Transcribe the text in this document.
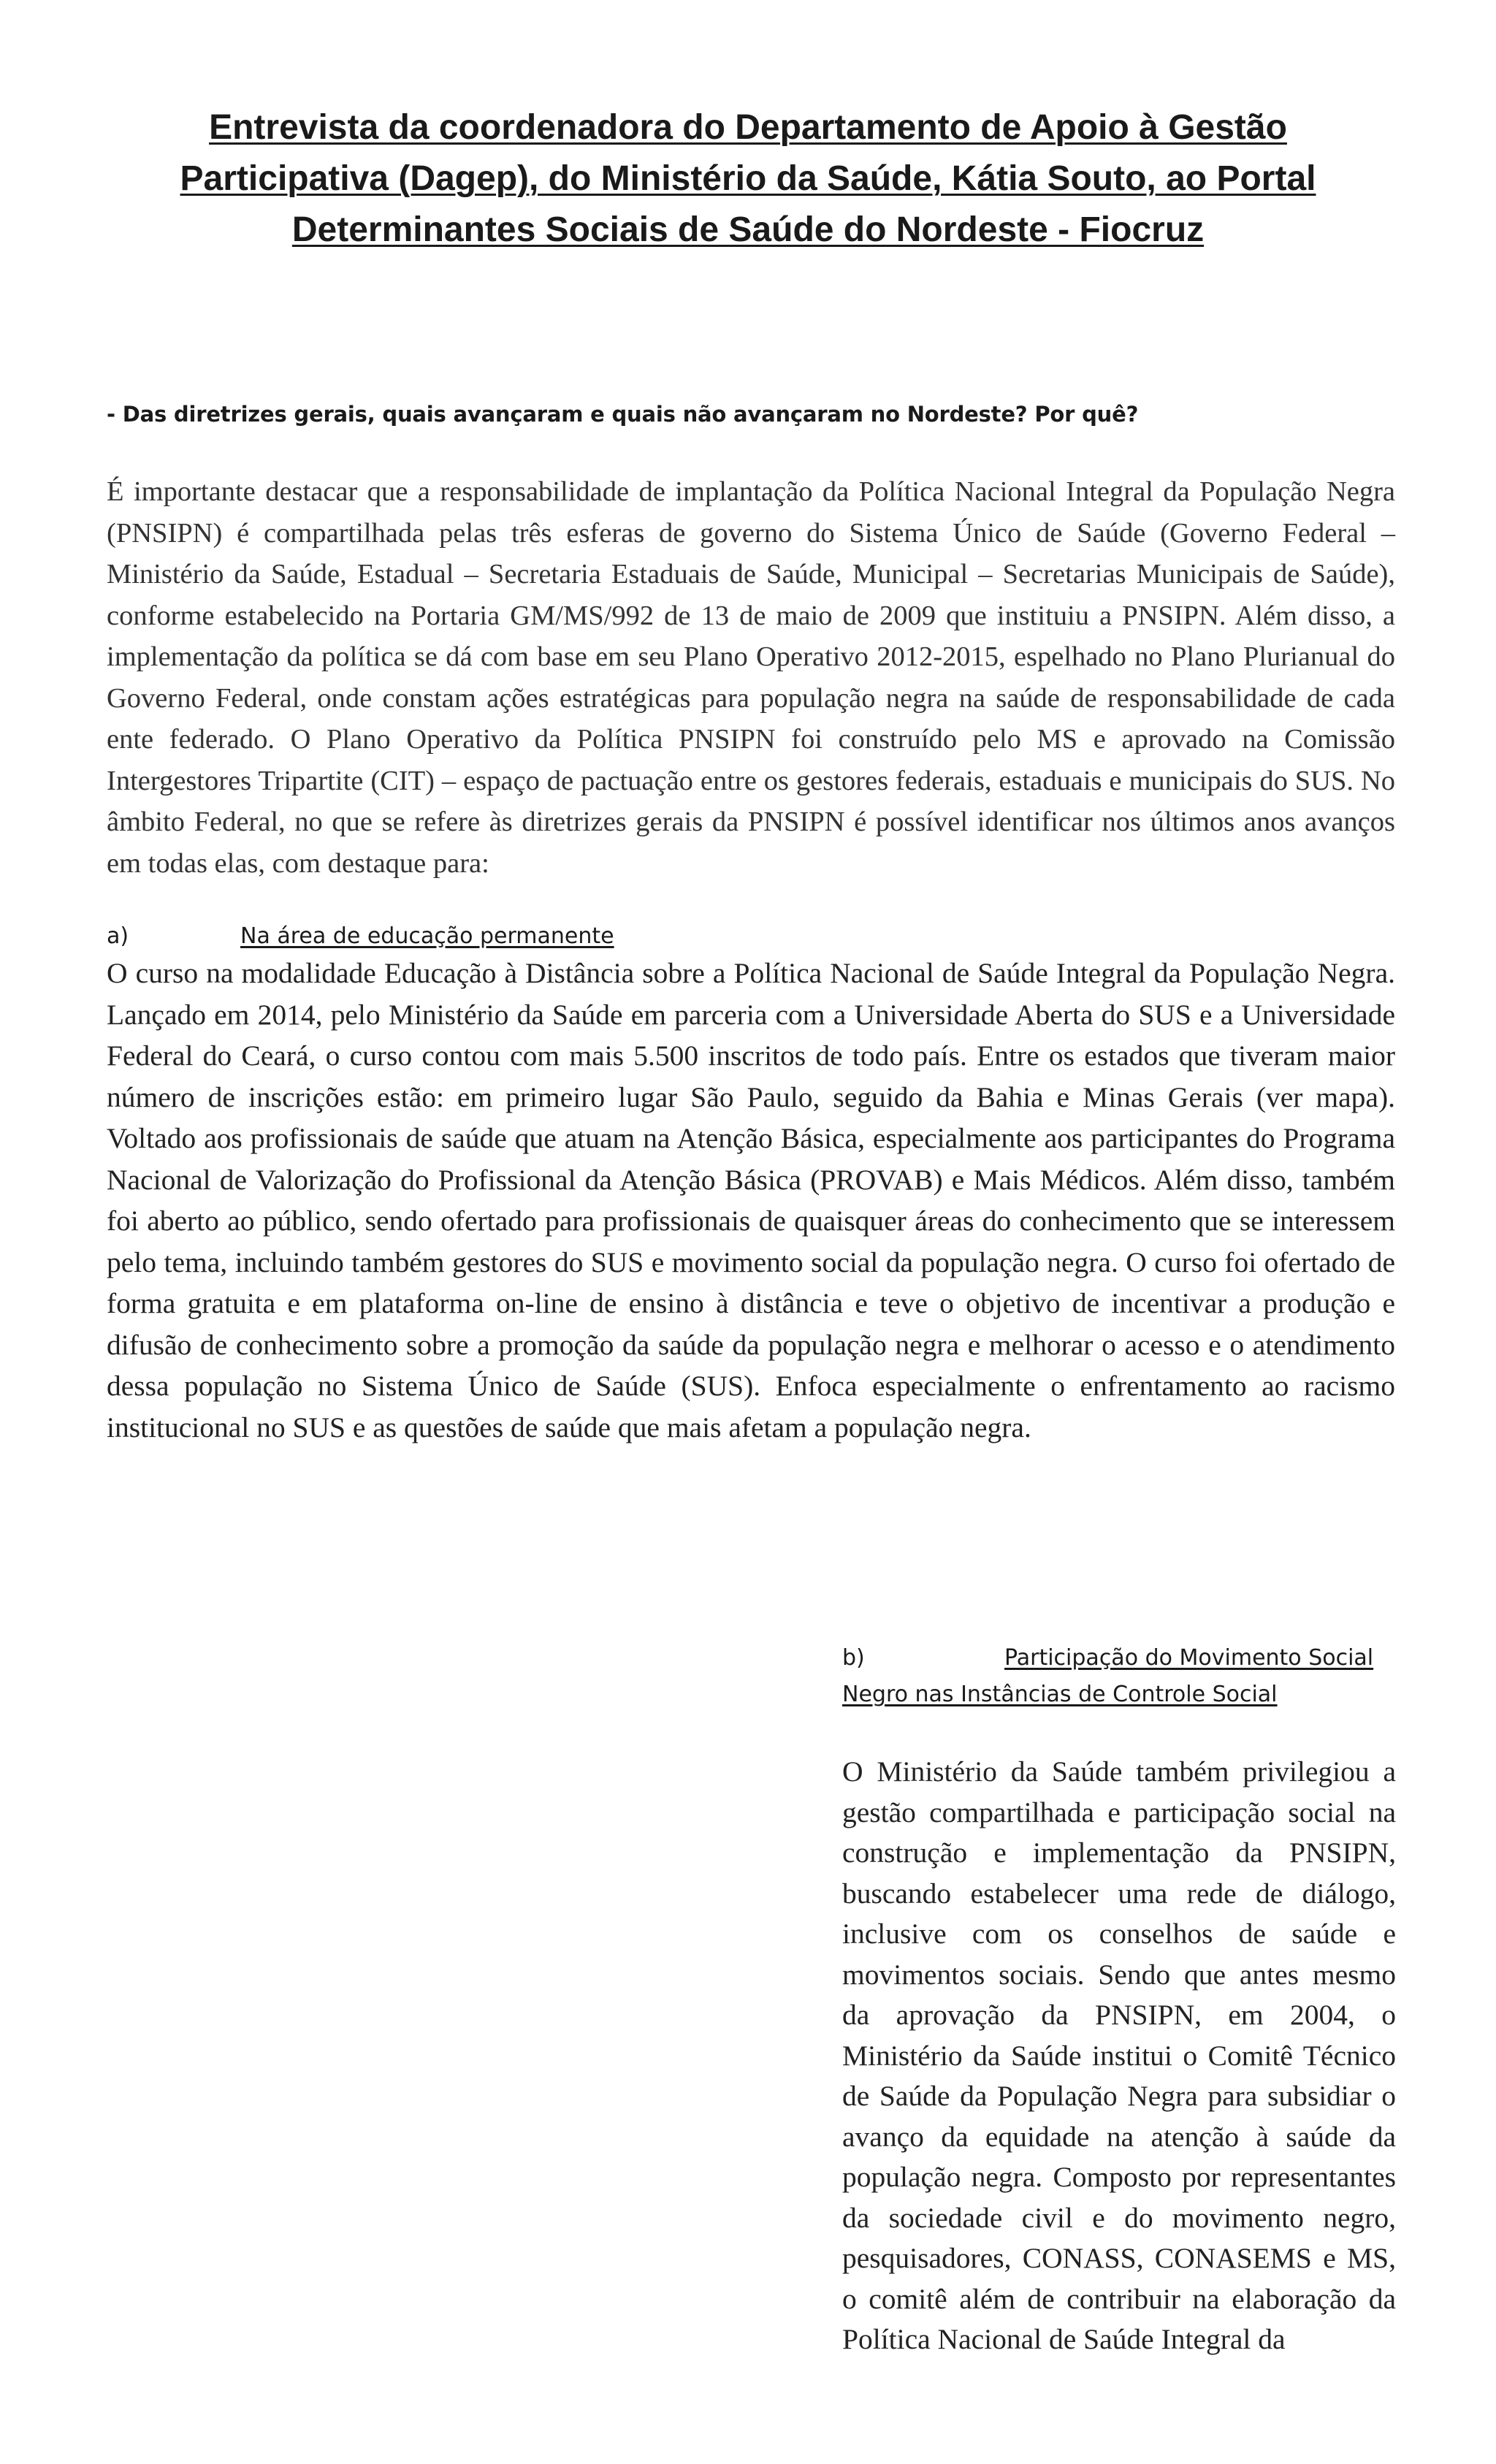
Entrevista da coordenadora do Departamento de Apoio à Gestão Participativa (Dagep), do Ministério da Saúde, Kátia Souto, ao Portal Determinantes Sociais de Saúde do Nordeste - Fiocruz

- Das diretrizes gerais, quais avançaram e quais não avançaram no Nordeste? Por quê?

É importante destacar que a responsabilidade de implantação da Política Nacional Integral da População Negra (PNSIPN) é compartilhada pelas três esferas de governo do Sistema Único de Saúde (Governo Federal – Ministério da Saúde, Estadual – Secretaria Estaduais de Saúde, Municipal – Secretarias Municipais de Saúde), conforme estabelecido na Portaria GM/MS/992 de 13 de maio de 2009 que instituiu a PNSIPN. Além disso, a implementação da política se dá com base em seu Plano Operativo 2012-2015, espelhado no Plano Plurianual do Governo Federal, onde constam ações estratégicas para população negra na saúde de responsabilidade de cada ente federado. O Plano Operativo da Política PNSIPN foi construído pelo MS e aprovado na Comissão Intergestores Tripartite (CIT) – espaço de pactuação entre os gestores federais, estaduais e municipais do SUS. No âmbito Federal, no que se refere às diretrizes gerais da PNSIPN é possível identificar nos últimos anos avanços em todas elas, com destaque para:

a)	Na área de educação permanente

O curso na modalidade Educação à Distância sobre a Política Nacional de Saúde Integral da População Negra. Lançado em 2014, pelo Ministério da Saúde em parceria com a Universidade Aberta do SUS e a Universidade Federal do Ceará, o curso contou com mais 5.500 inscritos de todo país. Entre os estados que tiveram maior número de inscrições estão: em primeiro lugar São Paulo, seguido da Bahia e Minas Gerais (ver mapa). Voltado aos profissionais de saúde que atuam na Atenção Básica, especialmente aos participantes do Programa Nacional de Valorização do Profissional da Atenção Básica (PROVAB) e Mais Médicos. Além disso, também foi aberto ao público, sendo ofertado para profissionais de quaisquer áreas do conhecimento que se interessem pelo tema, incluindo também gestores do SUS e movimento social da população negra. O curso foi ofertado de forma gratuita e em plataforma on-line de ensino à distância e teve o objetivo de incentivar a produção e difusão de conhecimento sobre a promoção da saúde da população negra e melhorar o acesso e o atendimento dessa população no Sistema Único de Saúde (SUS). Enfoca especialmente o enfrentamento ao racismo institucional no SUS e as questões de saúde que mais afetam a população negra.

b)	Participação do Movimento Social Negro nas Instâncias de Controle Social

O Ministério da Saúde também privilegiou a gestão compartilhada e participação social na construção e implementação da PNSIPN, buscando estabelecer uma rede de diálogo, inclusive com os conselhos de saúde e movimentos sociais. Sendo que antes mesmo da aprovação da PNSIPN, em 2004, o Ministério da Saúde institui o Comitê Técnico de Saúde da População Negra para subsidiar o avanço da equidade na atenção à saúde da população negra. Composto por representantes da sociedade civil e do movimento negro, pesquisadores, CONASS, CONASEMS e MS, o comitê além de contribuir na elaboração da Política Nacional de Saúde Integral da
